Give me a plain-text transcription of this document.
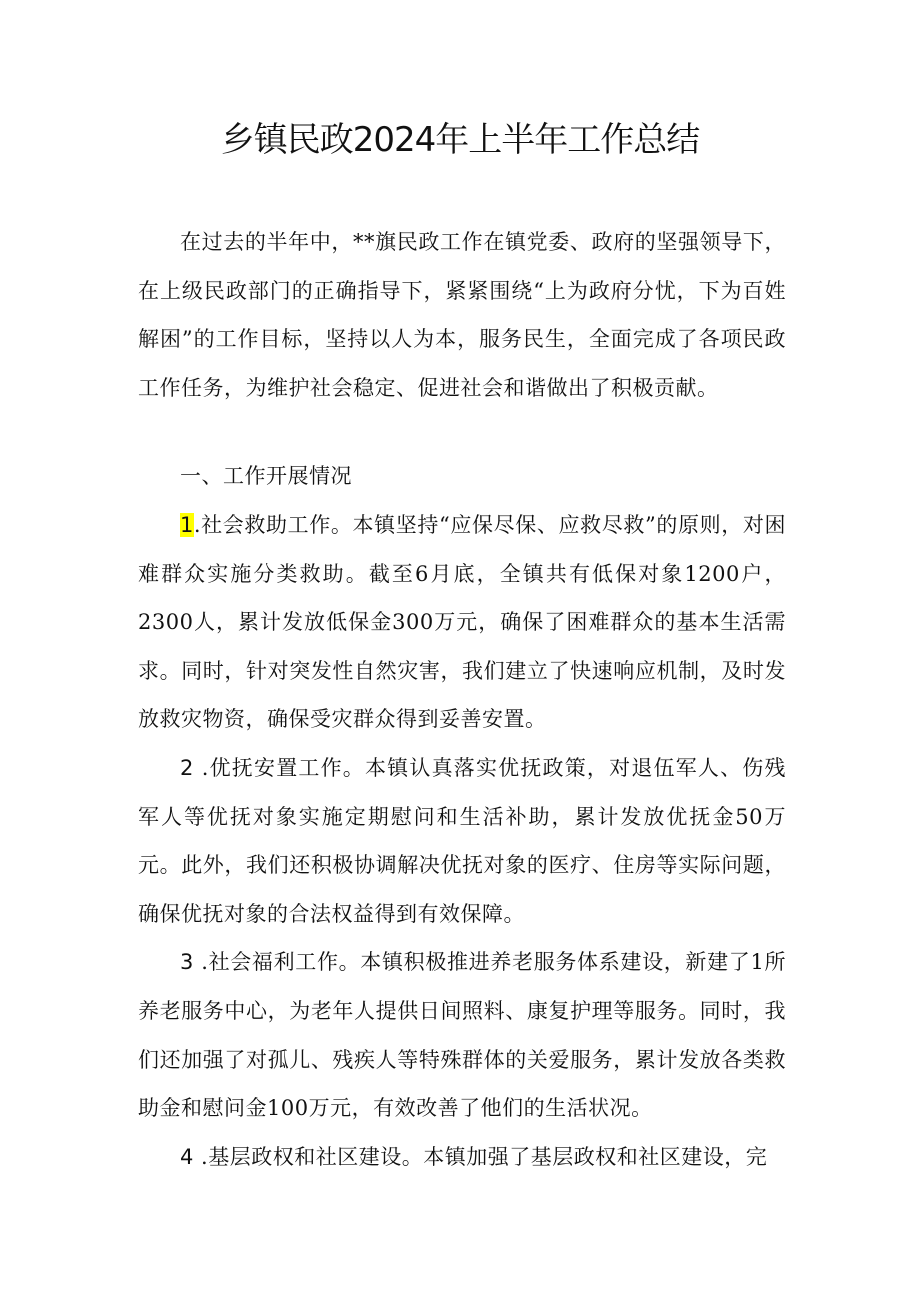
乡镇民政2024年上半年工作总结

在过去的半年中，**旗民政工作在镇党委、政府的坚强领导下，在上级民政部门的正确指导下，紧紧围绕“上为政府分忧，下为百姓解困”的工作目标，坚持以人为本，服务民生，全面完成了各项民政工作任务，为维护社会稳定、促进社会和谐做出了积极贡献。

一、工作开展情况

1.社会救助工作。本镇坚持“应保尽保、应救尽救”的原则，对困难群众实施分类救助。截至6月底，全镇共有低保对象1200户，2300人，累计发放低保金300万元，确保了困难群众的基本生活需求。同时，针对突发性自然灾害，我们建立了快速响应机制，及时发放救灾物资，确保受灾群众得到妥善安置。

2 .优抚安置工作。本镇认真落实优抚政策，对退伍军人、伤残军人等优抚对象实施定期慰问和生活补助，累计发放优抚金50万元。此外，我们还积极协调解决优抚对象的医疗、住房等实际问题，确保优抚对象的合法权益得到有效保障。

3 .社会福利工作。本镇积极推进养老服务体系建设，新建了1所养老服务中心，为老年人提供日间照料、康复护理等服务。同时，我们还加强了对孤儿、残疾人等特殊群体的关爱服务，累计发放各类救助金和慰问金100万元，有效改善了他们的生活状况。

4 .基层政权和社区建设。本镇加强了基层政权和社区建设，完
